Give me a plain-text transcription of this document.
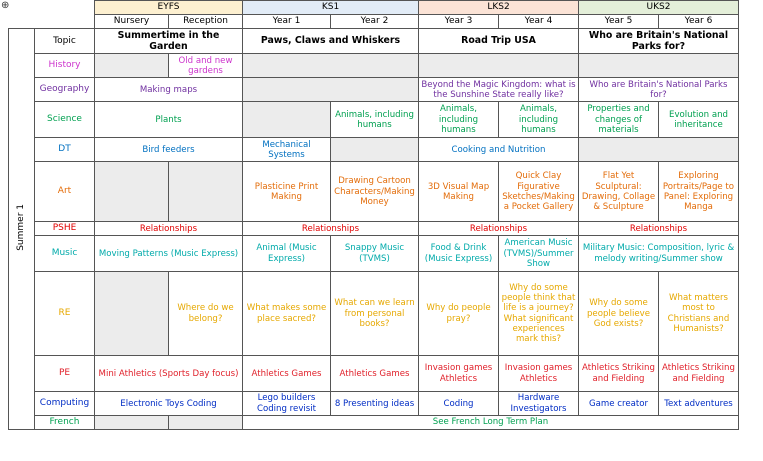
⊕
			EYFS		KS1		LKS2		UKS2	
		Nursery	Reception	Year 1	Year 2	Year 3	Year 4	Year 5	Year 6
Summer 1	Topic	Summertime in the Garden		Paws, Claws and Whiskers		Road Trip USA		Who are Britain's National Parks for?	
	History		Old and new gardens						
	Geography	Making maps				Beyond the Magic Kingdom: what is the Sunshine State really like?		Who are Britain's National Parks for?	
	Science	Plants			Animals, including humans	Animals, including humans	Animals, including humans	Properties and changes of materials	Evolution and inheritance
	DT	Bird feeders		Mechanical Systems		Cooking and Nutrition			
	Art			Plasticine Print Making	Drawing Cartoon Characters/Making Money	3D Visual Map Making	Quick Clay Figurative Sketches/Making a Pocket Gallery	Flat Yet Sculptural: Drawing, Collage & Sculpture	Exploring Portraits/Page to Panel: Exploring Manga
	PSHE	Relationships		Relationships		Relationships		Relationships	
	Music	Moving Patterns (Music Express)		Animal (Music Express)	Snappy Music (TVMS)	Food & Drink (Music Express)	American Music (TVMS)/Summer Show	Military Music: Composition, lyric & melody writing/Summer show	
	RE		Where do we belong?	What makes some place sacred?	What can we learn from personal books?	Why do people pray?	Why do some people think that life is a journey? What significant experiences mark this?	Why do some people believe God exists?	What matters most to Christians and Humanists?
	PE	Mini Athletics (Sports Day focus)		Athletics Games	Athletics Games	Invasion games Athletics	Invasion games Athletics	Athletics Striking and Fielding	Athletics Striking and Fielding
	Computing	Electronic Toys Coding		Lego builders Coding revisit	8 Presenting ideas	Coding	Hardware Investigators	Game creator	Text adventures
	French			See French Long Term Plan					
